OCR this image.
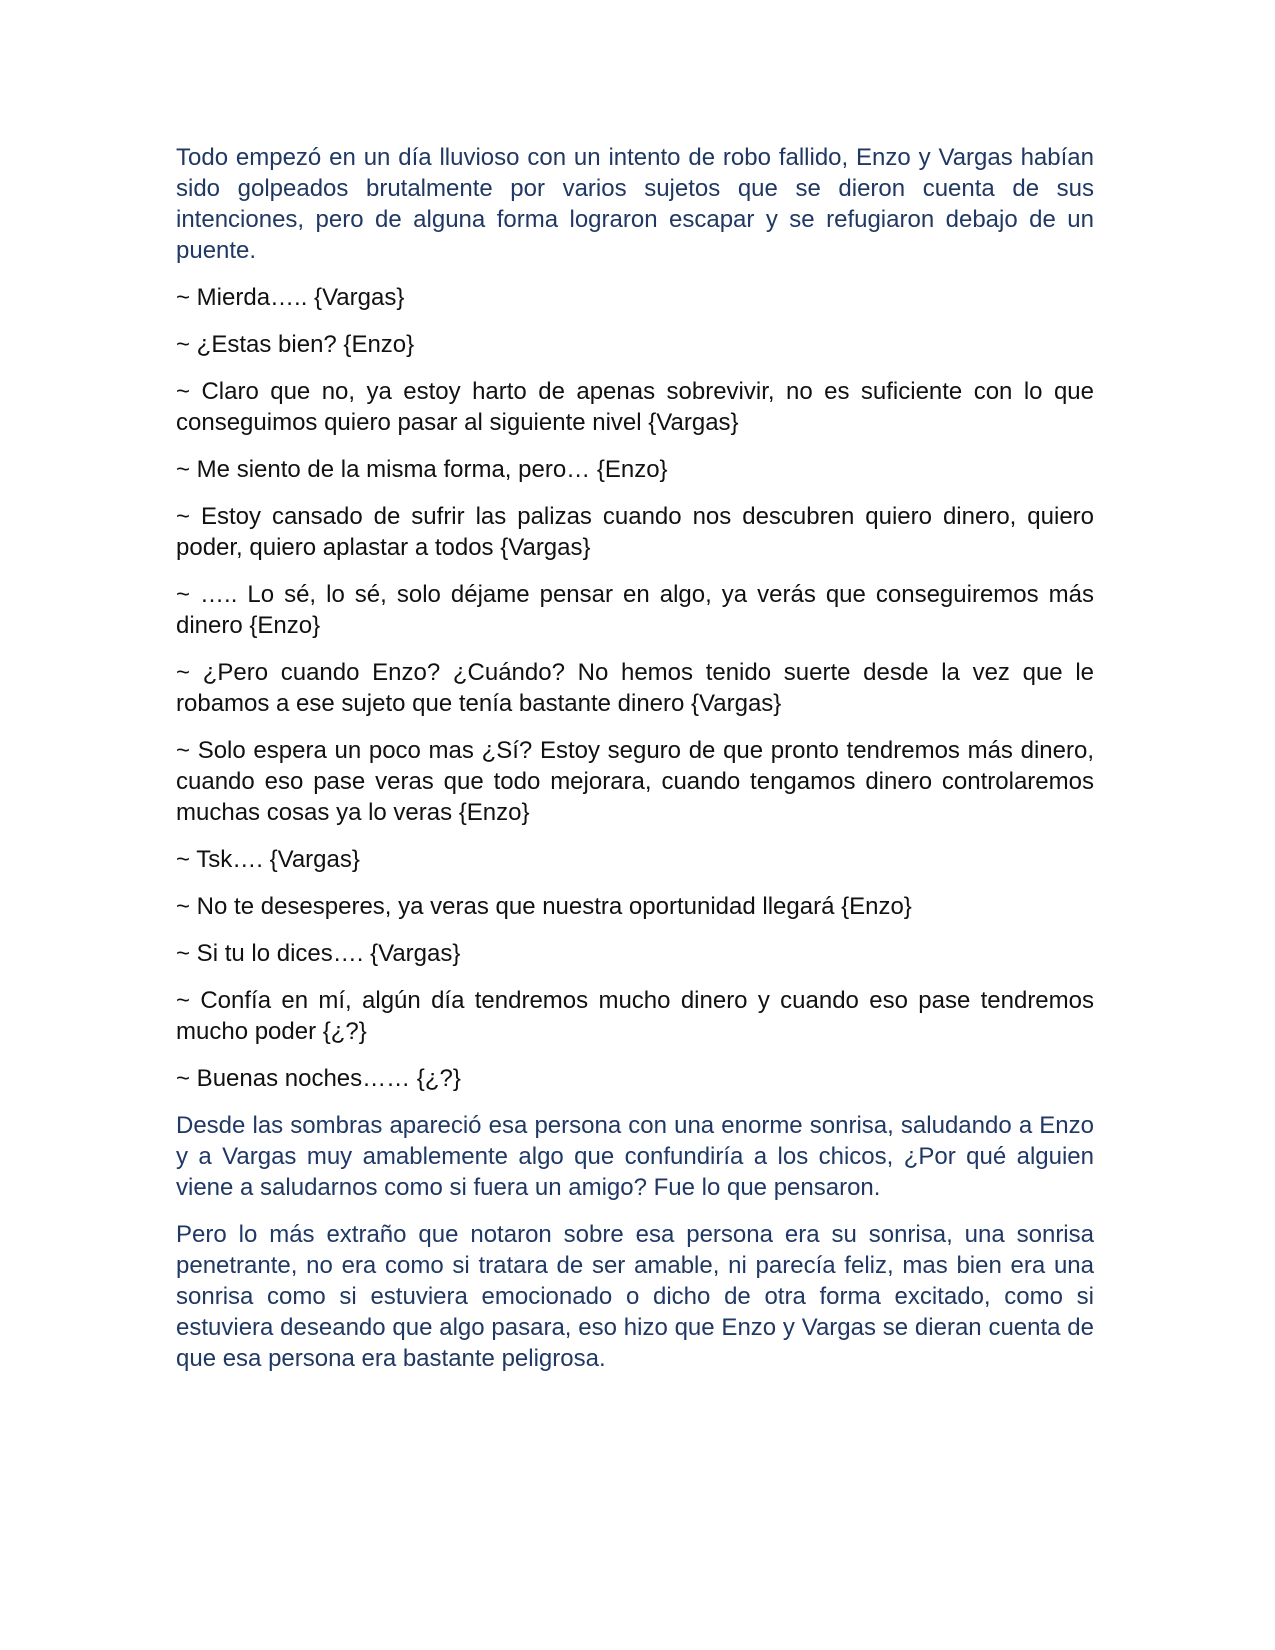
Todo empezó en un día lluvioso con un intento de robo fallido, Enzo y Vargas habían sido golpeados brutalmente por varios sujetos que se dieron cuenta de sus intenciones, pero de alguna forma lograron escapar y se refugiaron debajo de un puente.

~ Mierda….. {Vargas}

~ ¿Estas bien? {Enzo}

~ Claro que no, ya estoy harto de apenas sobrevivir, no es suficiente con lo que conseguimos quiero pasar al siguiente nivel {Vargas}

~ Me siento de la misma forma, pero… {Enzo}

~ Estoy cansado de sufrir las palizas cuando nos descubren quiero dinero, quiero poder, quiero aplastar a todos {Vargas}

~ ….. Lo sé, lo sé, solo déjame pensar en algo, ya verás que conseguiremos más dinero {Enzo}

~ ¿Pero cuando Enzo? ¿Cuándo? No hemos tenido suerte desde la vez que le robamos a ese sujeto que tenía bastante dinero {Vargas}

~ Solo espera un poco mas ¿Sí? Estoy seguro de que pronto tendremos más dinero, cuando eso pase veras que todo mejorara, cuando tengamos dinero controlaremos muchas cosas ya lo veras {Enzo}

~ Tsk…. {Vargas}

~ No te desesperes, ya veras que nuestra oportunidad llegará {Enzo}

~ Si tu lo dices…. {Vargas}

~ Confía en mí, algún día tendremos mucho dinero y cuando eso pase tendremos mucho poder {¿?}

~ Buenas noches…… {¿?}

Desde las sombras apareció esa persona con una enorme sonrisa, saludando a Enzo y a Vargas muy amablemente algo que confundiría a los chicos, ¿Por qué alguien viene a saludarnos como si fuera un amigo? Fue lo que pensaron.

Pero lo más extraño que notaron sobre esa persona era su sonrisa, una sonrisa penetrante, no era como si tratara de ser amable, ni parecía feliz, mas bien era una sonrisa como si estuviera emocionado o dicho de otra forma excitado, como si estuviera deseando que algo pasara, eso hizo que Enzo y Vargas se dieran cuenta de que esa persona era bastante peligrosa.
